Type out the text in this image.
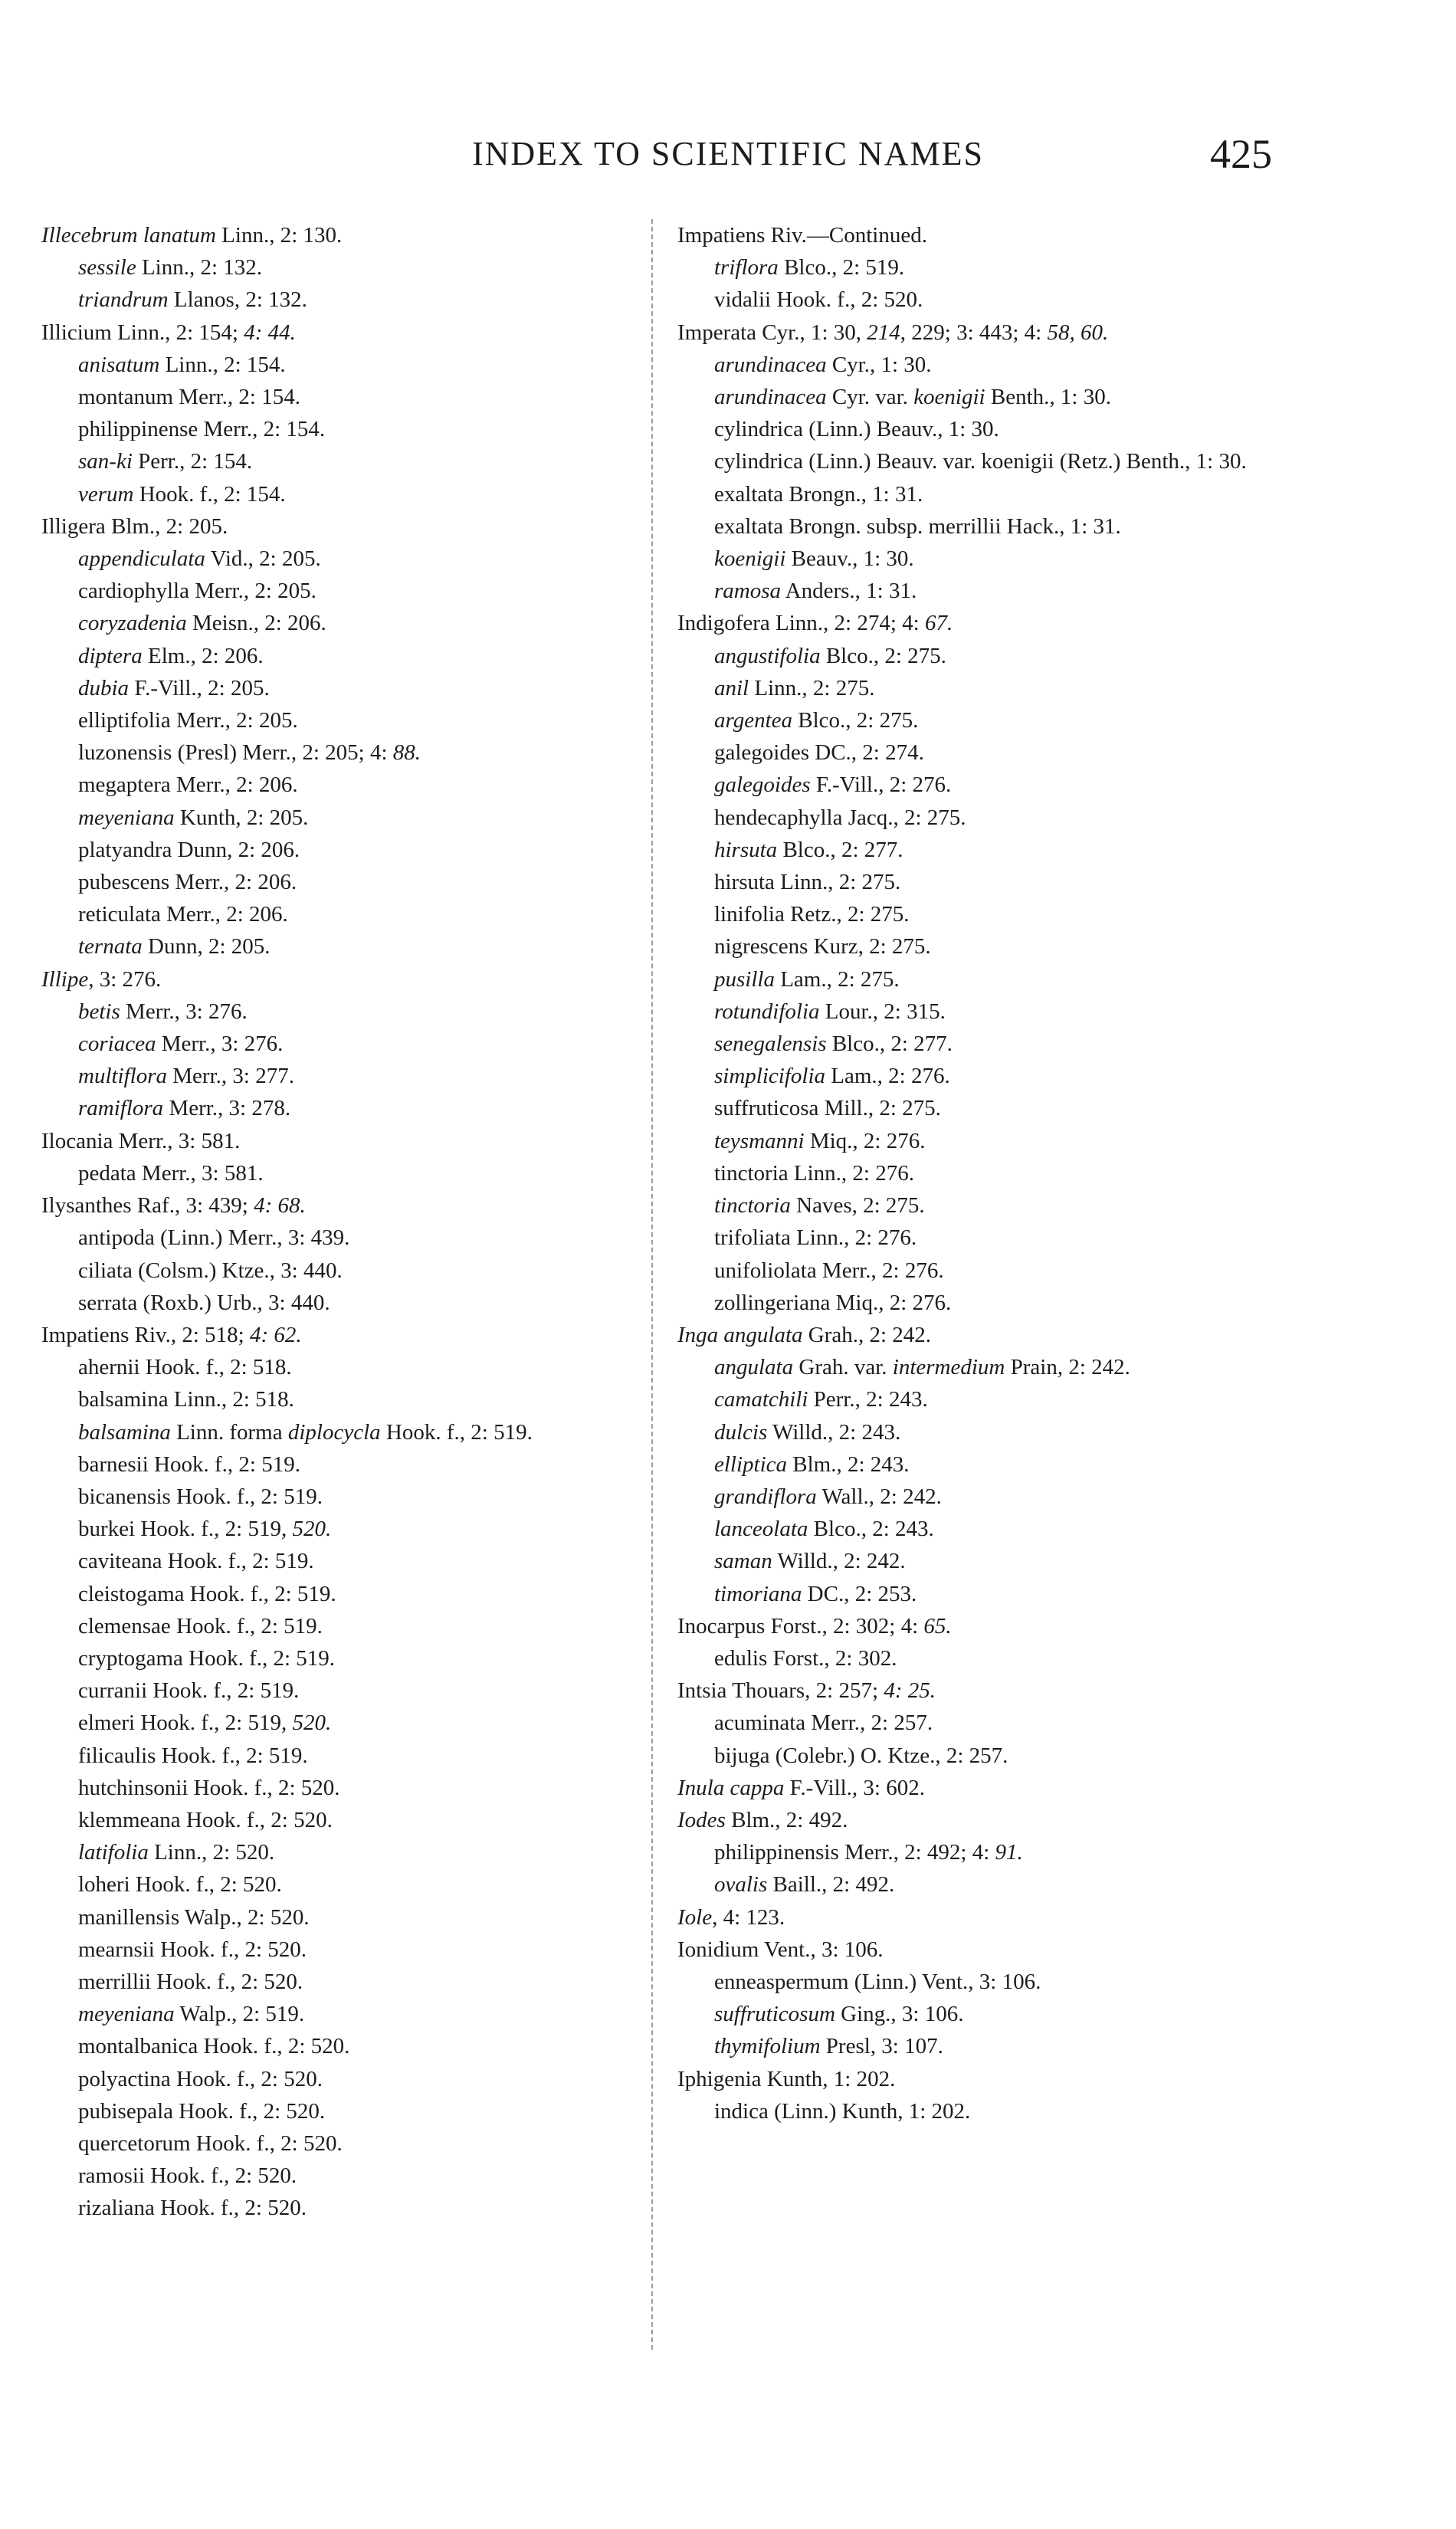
INDEX TO SCIENTIFIC NAMES	425
Illecebrum lanatum Linn., 2: 130.
sessile Linn., 2: 132.
triandrum Llanos, 2: 132.
Illicium Linn., 2: 154; 4: 44.
anisatum Linn., 2: 154.
montanum Merr., 2: 154.
philippinense Merr., 2: 154.
san-ki Perr., 2: 154.
verum Hook. f., 2: 154.
Illigera Blm., 2: 205.
appendiculata Vid., 2: 205.
cardiophylla Merr., 2: 205.
coryzadenia Meisn., 2: 206.
diptera Elm., 2: 206.
dubia F.-Vill., 2: 205.
elliptifolia Merr., 2: 205.
luzonensis (Presl) Merr., 2: 205; 4: 88.
megaptera Merr., 2: 206.
meyeniana Kunth, 2: 205.
platyandra Dunn, 2: 206.
pubescens Merr., 2: 206.
reticulata Merr., 2: 206.
ternata Dunn, 2: 205.
Illipe, 3: 276.
betis Merr., 3: 276.
coriacea Merr., 3: 276.
multiflora Merr., 3: 277.
ramiflora Merr., 3: 278.
Ilocania Merr., 3: 581.
pedata Merr., 3: 581.
Ilysanthes Raf., 3: 439; 4: 68.
antipoda (Linn.) Merr., 3: 439.
ciliata (Colsm.) Ktze., 3: 440.
serrata (Roxb.) Urb., 3: 440.
Impatiens Riv., 2: 518; 4: 62.
ahernii Hook. f., 2: 518.
balsamina Linn., 2: 518.
balsamina Linn. forma diplocycla Hook. f., 2: 519.
barnesii Hook. f., 2: 519.
bicanensis Hook. f., 2: 519.
burkei Hook. f., 2: 519, 520.
caviteana Hook. f., 2: 519.
cleistogama Hook. f., 2: 519.
clemensae Hook. f., 2: 519.
cryptogama Hook. f., 2: 519.
curranii Hook. f., 2: 519.
elmeri Hook. f., 2: 519, 520.
filicaulis Hook. f., 2: 519.
hutchinsonii Hook. f., 2: 520.
klemmeana Hook. f., 2: 520.
latifolia Linn., 2: 520.
loheri Hook. f., 2: 520.
manillensis Walp., 2: 520.
mearnsii Hook. f., 2: 520.
merrillii Hook. f., 2: 520.
meyeniana Walp., 2: 519.
montalbanica Hook. f., 2: 520.
polyactina Hook. f., 2: 520.
pubisepala Hook. f., 2: 520.
quercetorum Hook. f., 2: 520.
ramosii Hook. f., 2: 520.
rizaliana Hook. f., 2: 520.
Impatiens Riv.—Continued.
triflora Blco., 2: 519.
vidalii Hook. f., 2: 520.
Imperata Cyr., 1: 30, 214, 229; 3: 443; 4: 58, 60.
arundinacea Cyr., 1: 30.
arundinacea Cyr. var. koenigii Benth., 1: 30.
cylindrica (Linn.) Beauv., 1: 30.
cylindrica (Linn.) Beauv. var. koenigii (Retz.) Benth., 1: 30.
exaltata Brongn., 1: 31.
exaltata Brongn. subsp. merrillii Hack., 1: 31.
koenigii Beauv., 1: 30.
ramosa Anders., 1: 31.
Indigofera Linn., 2: 274; 4: 67.
angustifolia Blco., 2: 275.
anil Linn., 2: 275.
argentea Blco., 2: 275.
galegoides DC., 2: 274.
galegoides F.-Vill., 2: 276.
hendecaphylla Jacq., 2: 275.
hirsuta Blco., 2: 277.
hirsuta Linn., 2: 275.
linifolia Retz., 2: 275.
nigrescens Kurz, 2: 275.
pusilla Lam., 2: 275.
rotundifolia Lour., 2: 315.
senegalensis Blco., 2: 277.
simplicifolia Lam., 2: 276.
suffruticosa Mill., 2: 275.
teysmanni Miq., 2: 276.
tinctoria Linn., 2: 276.
tinctoria Naves, 2: 275.
trifoliata Linn., 2: 276.
unifoliolata Merr., 2: 276.
zollingeriana Miq., 2: 276.
Inga angulata Grah., 2: 242.
angulata Grah. var. intermedium Prain, 2: 242.
camatchili Perr., 2: 243.
dulcis Willd., 2: 243.
elliptica Blm., 2: 243.
grandiflora Wall., 2: 242.
lanceolata Blco., 2: 243.
saman Willd., 2: 242.
timoriana DC., 2: 253.
Inocarpus Forst., 2: 302; 4: 65.
edulis Forst., 2: 302.
Intsia Thouars, 2: 257; 4: 25.
acuminata Merr., 2: 257.
bijuga (Colebr.) O. Ktze., 2: 257.
Inula cappa F.-Vill., 3: 602.
Iodes Blm., 2: 492.
philippinensis Merr., 2: 492; 4: 91.
ovalis Baill., 2: 492.
Iole, 4: 123.
Ionidium Vent., 3: 106.
enneaspermum (Linn.) Vent., 3: 106.
suffruticosum Ging., 3: 106.
thymifolium Presl, 3: 107.
Iphigenia Kunth, 1: 202.
indica (Linn.) Kunth, 1: 202.
